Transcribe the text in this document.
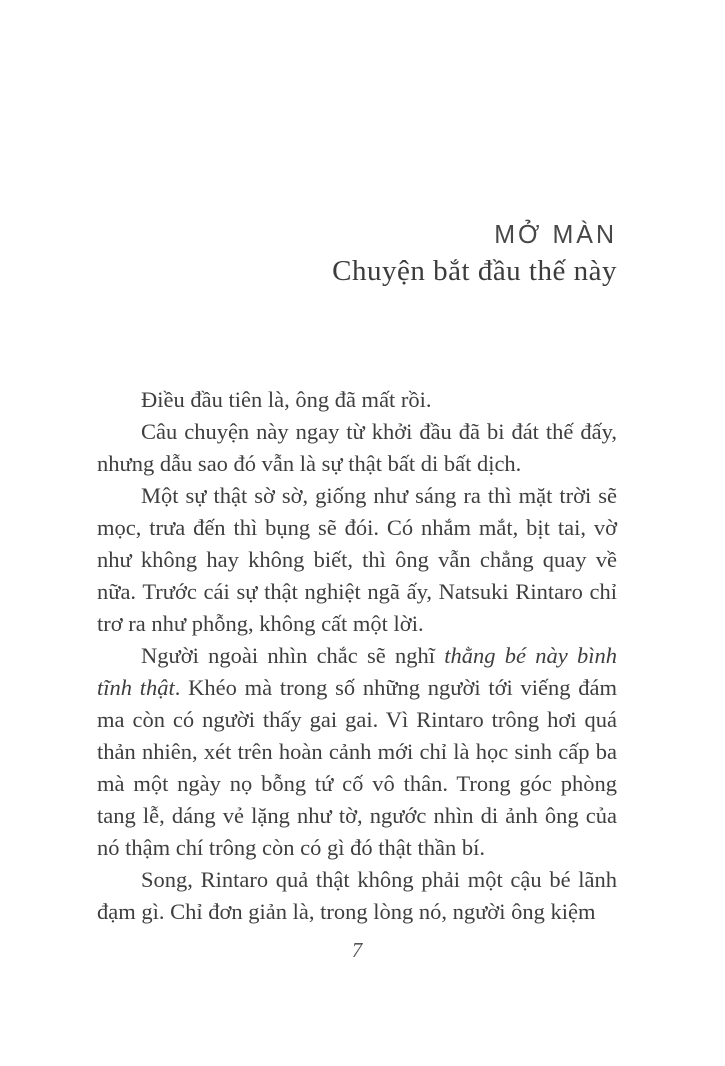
MỞ MÀN
Chuyện bắt đầu thế này

Điều đầu tiên là, ông đã mất rồi.

Câu chuyện này ngay từ khởi đầu đã bi đát thế đấy, nhưng dẫu sao đó vẫn là sự thật bất di bất dịch.

Một sự thật sờ sờ, giống như sáng ra thì mặt trời sẽ mọc, trưa đến thì bụng sẽ đói. Có nhắm mắt, bịt tai, vờ như không hay không biết, thì ông vẫn chẳng quay về nữa. Trước cái sự thật nghiệt ngã ấy, Natsuki Rintaro chỉ trơ ra như phỗng, không cất một lời.

Người ngoài nhìn chắc sẽ nghĩ thằng bé này bình tĩnh thật. Khéo mà trong số những người tới viếng đám ma còn có người thấy gai gai. Vì Rintaro trông hơi quá thản nhiên, xét trên hoàn cảnh mới chỉ là học sinh cấp ba mà một ngày nọ bỗng tứ cố vô thân. Trong góc phòng tang lễ, dáng vẻ lặng như tờ, ngước nhìn di ảnh ông của nó thậm chí trông còn có gì đó thật thần bí.

Song, Rintaro quả thật không phải một cậu bé lãnh đạm gì. Chỉ đơn giản là, trong lòng nó, người ông kiệm

7
